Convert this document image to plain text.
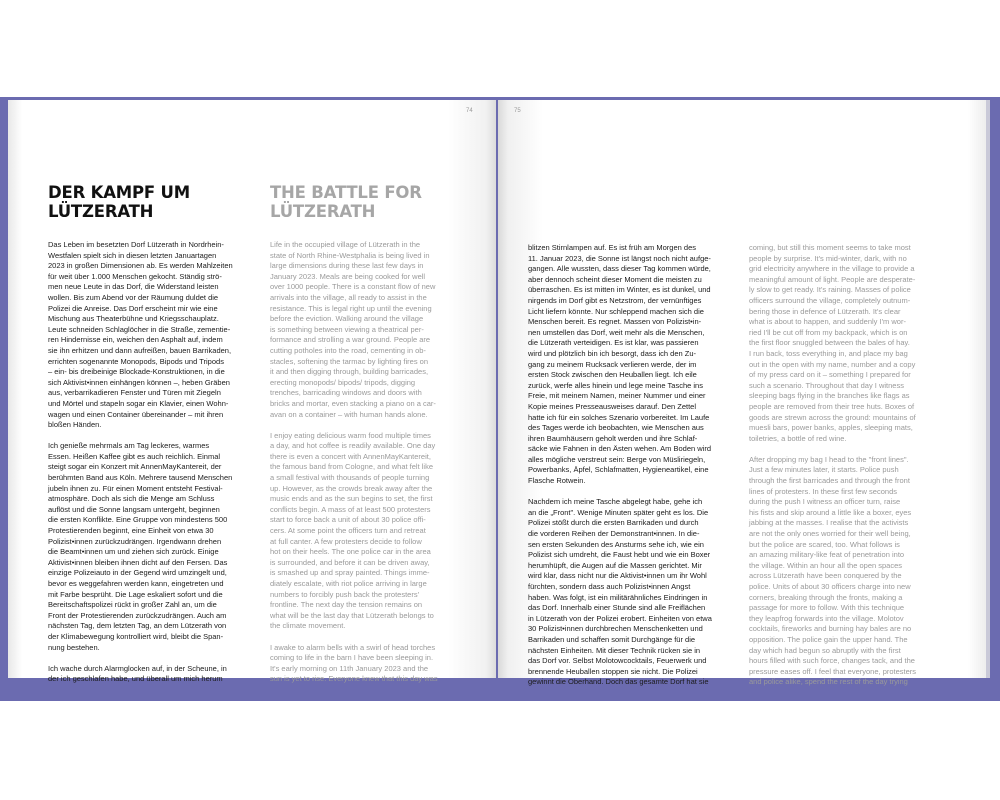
74
DER KAMPF UM
LÜTZERATH
THE BATTLE FOR
LÜTZERATH

Das Leben im besetzten Dorf Lützerath in Nordrhein-
Westfalen spielt sich in diesen letzten Januartagen
2023 in großen Dimensionen ab. Es werden Mahlzeiten
für weit über 1.000 Menschen gekocht. Ständig strö-
men neue Leute in das Dorf, die Widerstand leisten
wollen. Bis zum Abend vor der Räumung duldet die
Polizei die Anreise. Das Dorf erscheint mir wie eine
Mischung aus Theaterbühne und Kriegsschauplatz.
Leute schneiden Schlaglöcher in die Straße, zementie-
ren Hindernisse ein, weichen den Asphalt auf, indem
sie ihn erhitzen und dann aufreißen, bauen Barrikaden,
errichten sogenannte Monopods, Bipods und Tripods
– ein- bis dreibeinige Blockade-Konstruktionen, in die
sich Aktivist•innen einhängen können –, heben Gräben
aus, verbarrikadieren Fenster und Türen mit Ziegeln
und Mörtel und stapeln sogar ein Klavier, einen Wohn-
wagen und einen Container übereinander – mit ihren
bloßen Händen.

Ich genieße mehrmals am Tag leckeres, warmes
Essen. Heißen Kaffee gibt es auch reichlich. Einmal
steigt sogar ein Konzert mit AnnenMayKantereit, der
berühmten Band aus Köln. Mehrere tausend Menschen
jubeln ihnen zu. Für einen Moment entsteht Festival-
atmosphäre. Doch als sich die Menge am Schluss
auflöst und die Sonne langsam untergeht, beginnen
die ersten Konflikte. Eine Gruppe von mindestens 500
Protestierenden beginnt, eine Einheit von etwa 30
Polizist•innen zurückzudrängen. Irgendwann drehen
die Beamt•innen um und ziehen sich zurück. Einige
Aktivist•innen bleiben ihnen dicht auf den Fersen. Das
einzige Polizeiauto in der Gegend wird umzingelt und,
bevor es weggefahren werden kann, eingetreten und
mit Farbe besprüht. Die Lage eskaliert sofort und die
Bereitschaftspolizei rückt in großer Zahl an, um die
Front der Protestierenden zurückzudrängen. Auch am
nächsten Tag, dem letzten Tag, an dem Lützerath von
der Klimabewegung kontrolliert wird, bleibt die Span-
nung bestehen.

Ich wache durch Alarmglocken auf, in der Scheune, in
der ich geschlafen habe, und überall um mich herum

Life in the occupied village of Lützerath in the
state of North Rhine-Westphalia is being lived in
large dimensions during these last few days in
January 2023. Meals are being cooked for well
over 1000 people. There is a constant flow of new
arrivals into the village, all ready to assist in the
resistance. This is legal right up until the evening
before the eviction. Walking around the village
is something between viewing a theatrical per-
formance and strolling a war ground. People are
cutting potholes into the road, cementing in ob-
stacles, softening the tarmac by lighting fires on
it and then digging through, building barricades,
erecting monopods/ bipods/ tripods, digging
trenches, barricading windows and doors with
bricks and mortar, even stacking a piano on a car-
avan on a container – with human hands alone.

I enjoy eating delicious warm food multiple times
a day, and hot coffee is readily available. One day
there is even a concert with AnnenMayKantereit,
the famous band from Cologne, and what felt like
a small festival with thousands of people turning
up. However, as the crowds break away after the
music ends and as the sun begins to set, the first
conflicts begin. A mass of at least 500 protesters
start to force back a unit of about 30 police offi-
cers. At some point the officers turn and retreat
at full canter. A few protesters decide to follow
hot on their heels. The one police car in the area
is surrounded, and before it can be driven away,
is smashed up and spray painted. Things imme-
diately escalate, with riot police arriving in large
numbers to forcibly push back the protesters'
frontline. The next day the tension remains on
what will be the last day that Lützerath belongs to
the climate movement.

I awake to alarm bells with a swirl of head torches
coming to life in the barn I have been sleeping in.
It's early morning on 11th January 2023 and the
sun is yet to rise. Everyone knew that this day was

75

blitzen Stirnlampen auf. Es ist früh am Morgen des
11. Januar 2023, die Sonne ist längst noch nicht aufge-
gangen. Alle wussten, dass dieser Tag kommen würde,
aber dennoch scheint dieser Moment die meisten zu
überraschen. Es ist mitten im Winter, es ist dunkel, und
nirgends im Dorf gibt es Netzstrom, der vernünftiges
Licht liefern könnte. Nur schleppend machen sich die
Menschen bereit. Es regnet. Massen von Polizist•in-
nen umstellen das Dorf, weit mehr als die Menschen,
die Lützerath verteidigen. Es ist klar, was passieren
wird und plötzlich bin ich besorgt, dass ich den Zu-
gang zu meinem Rucksack verlieren werde, der im
ersten Stock zwischen den Heuballen liegt. Ich eile
zurück, werfe alles hinein und lege meine Tasche ins
Freie, mit meinem Namen, meiner Nummer und einer
Kopie meines Presseausweises darauf. Den Zettel
hatte ich für ein solches Szenario vorbereitet. Im Laufe
des Tages werde ich beobachten, wie Menschen aus
ihren Baumhäusern geholt werden und ihre Schlaf-
säcke wie Fahnen in den Ästen wehen. Am Boden wird
alles mögliche verstreut sein: Berge von Müsliriegeln,
Powerbanks, Äpfel, Schlafmatten, Hygieneartikel, eine
Flasche Rotwein.

Nachdem ich meine Tasche abgelegt habe, gehe ich
an die „Front". Wenige Minuten später geht es los. Die
Polizei stößt durch die ersten Barrikaden und durch
die vorderen Reihen der Demonstrant•innen. In die-
sen ersten Sekunden des Ansturms sehe ich, wie ein
Polizist sich umdreht, die Faust hebt und wie ein Boxer
herumhüpft, die Augen auf die Massen gerichtet. Mir
wird klar, dass nicht nur die Aktivist•innen um ihr Wohl
fürchten, sondern dass auch Polizist•innen Angst
haben. Was folgt, ist ein militärähnliches Eindringen in
das Dorf. Innerhalb einer Stunde sind alle Freiflächen
in Lützerath von der Polizei erobert. Einheiten von etwa
30 Polizist•innen durchbrechen Menschenketten und
Barrikaden und schaffen somit Durchgänge für die
nächsten Einheiten. Mit dieser Technik rücken sie in
das Dorf vor. Selbst Molotowcocktails, Feuerwerk und
brennende Heuballen stoppen sie nicht. Die Polizei
gewinnt die Oberhand. Doch das gesamte Dorf hat sie

coming, but still this moment seems to take most
people by surprise. It's mid-winter, dark, with no
grid electricity anywhere in the village to provide a
meaningful amount of light. People are desperate-
ly slow to get ready. It's raining. Masses of police
officers surround the village, completely outnum-
bering those in defence of Lützerath. It's clear
what is about to happen, and suddenly I'm wor-
ried I'll be cut off from my backpack, which is on
the first floor snuggled between the bales of hay.
I run back, toss everything in, and place my bag
out in the open with my name, number and a copy
of my press card on it – something I prepared for
such a scenario. Throughout that day I witness
sleeping bags flying in the branches like flags as
people are removed from their tree huts. Boxes of
goods are strewn across the ground: mountains of
muesli bars, power banks, apples, sleeping mats,
toiletries, a bottle of red wine.

After dropping my bag I head to the "front lines".
Just a few minutes later, it starts. Police push
through the first barricades and through the front
lines of protesters. In these first few seconds
during the push I witness an officer turn, raise
his fists and skip around a little like a boxer, eyes
jabbing at the masses. I realise that the activists
are not the only ones worried for their well being,
but the police are scared, too. What follows is
an amazing military-like feat of penetration into
the village. Within an hour all the open spaces
across Lützerath have been conquered by the
police. Units of about 30 officers charge into new
corners, breaking through the fronts, making a
passage for more to follow. With this technique
they leapfrog forwards into the village. Molotov
cocktails, fireworks and burning hay bales are no
opposition. The police gain the upper hand. The
day which had begun so abruptly with the first
hours filled with such force, changes tack, and the
pressure eases off. I feel that everyone, protesters
and police alike, spend the rest of the day trying
